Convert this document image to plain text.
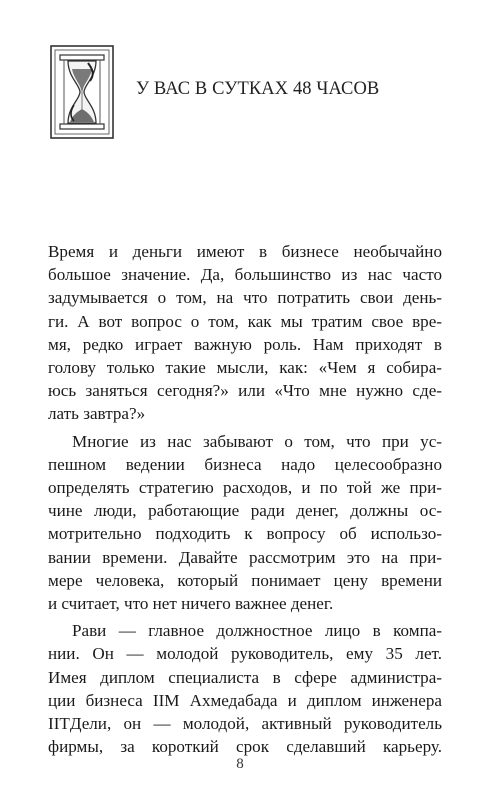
У ВАС В СУТКАХ 48 ЧАСОВ

Время и деньги имеют в бизнесе необычайно
большое значение. Да, большинство из нас часто
задумывается о том, на что потратить свои день-
ги. А вот вопрос о том, как мы тратим свое вре-
мя, редко играет важную роль. Нам приходят в
голову только такие мысли, как: «Чем я собира-
юсь заняться сегодня?» или «Что мне нужно сде-
лать завтра?»

Многие из нас забывают о том, что при ус-
пешном ведении бизнеса надо целесообразно
определять стратегию расходов, и по той же при-
чине люди, работающие ради денег, должны ос-
мотрительно подходить к вопросу об использо-
вании времени. Давайте рассмотрим это на при-
мере человека, который понимает цену времени
и считает, что нет ничего важнее денег.

Рави — главное должностное лицо в компа-
нии. Он — молодой руководитель, ему 35 лет.
Имея диплом специалиста в сфере администра-
ции бизнеса IIM Ахмедабада и диплом инженера
IITДели, он — молодой, активный руководитель
фирмы, за короткий срок сделавший карьеру.

8
